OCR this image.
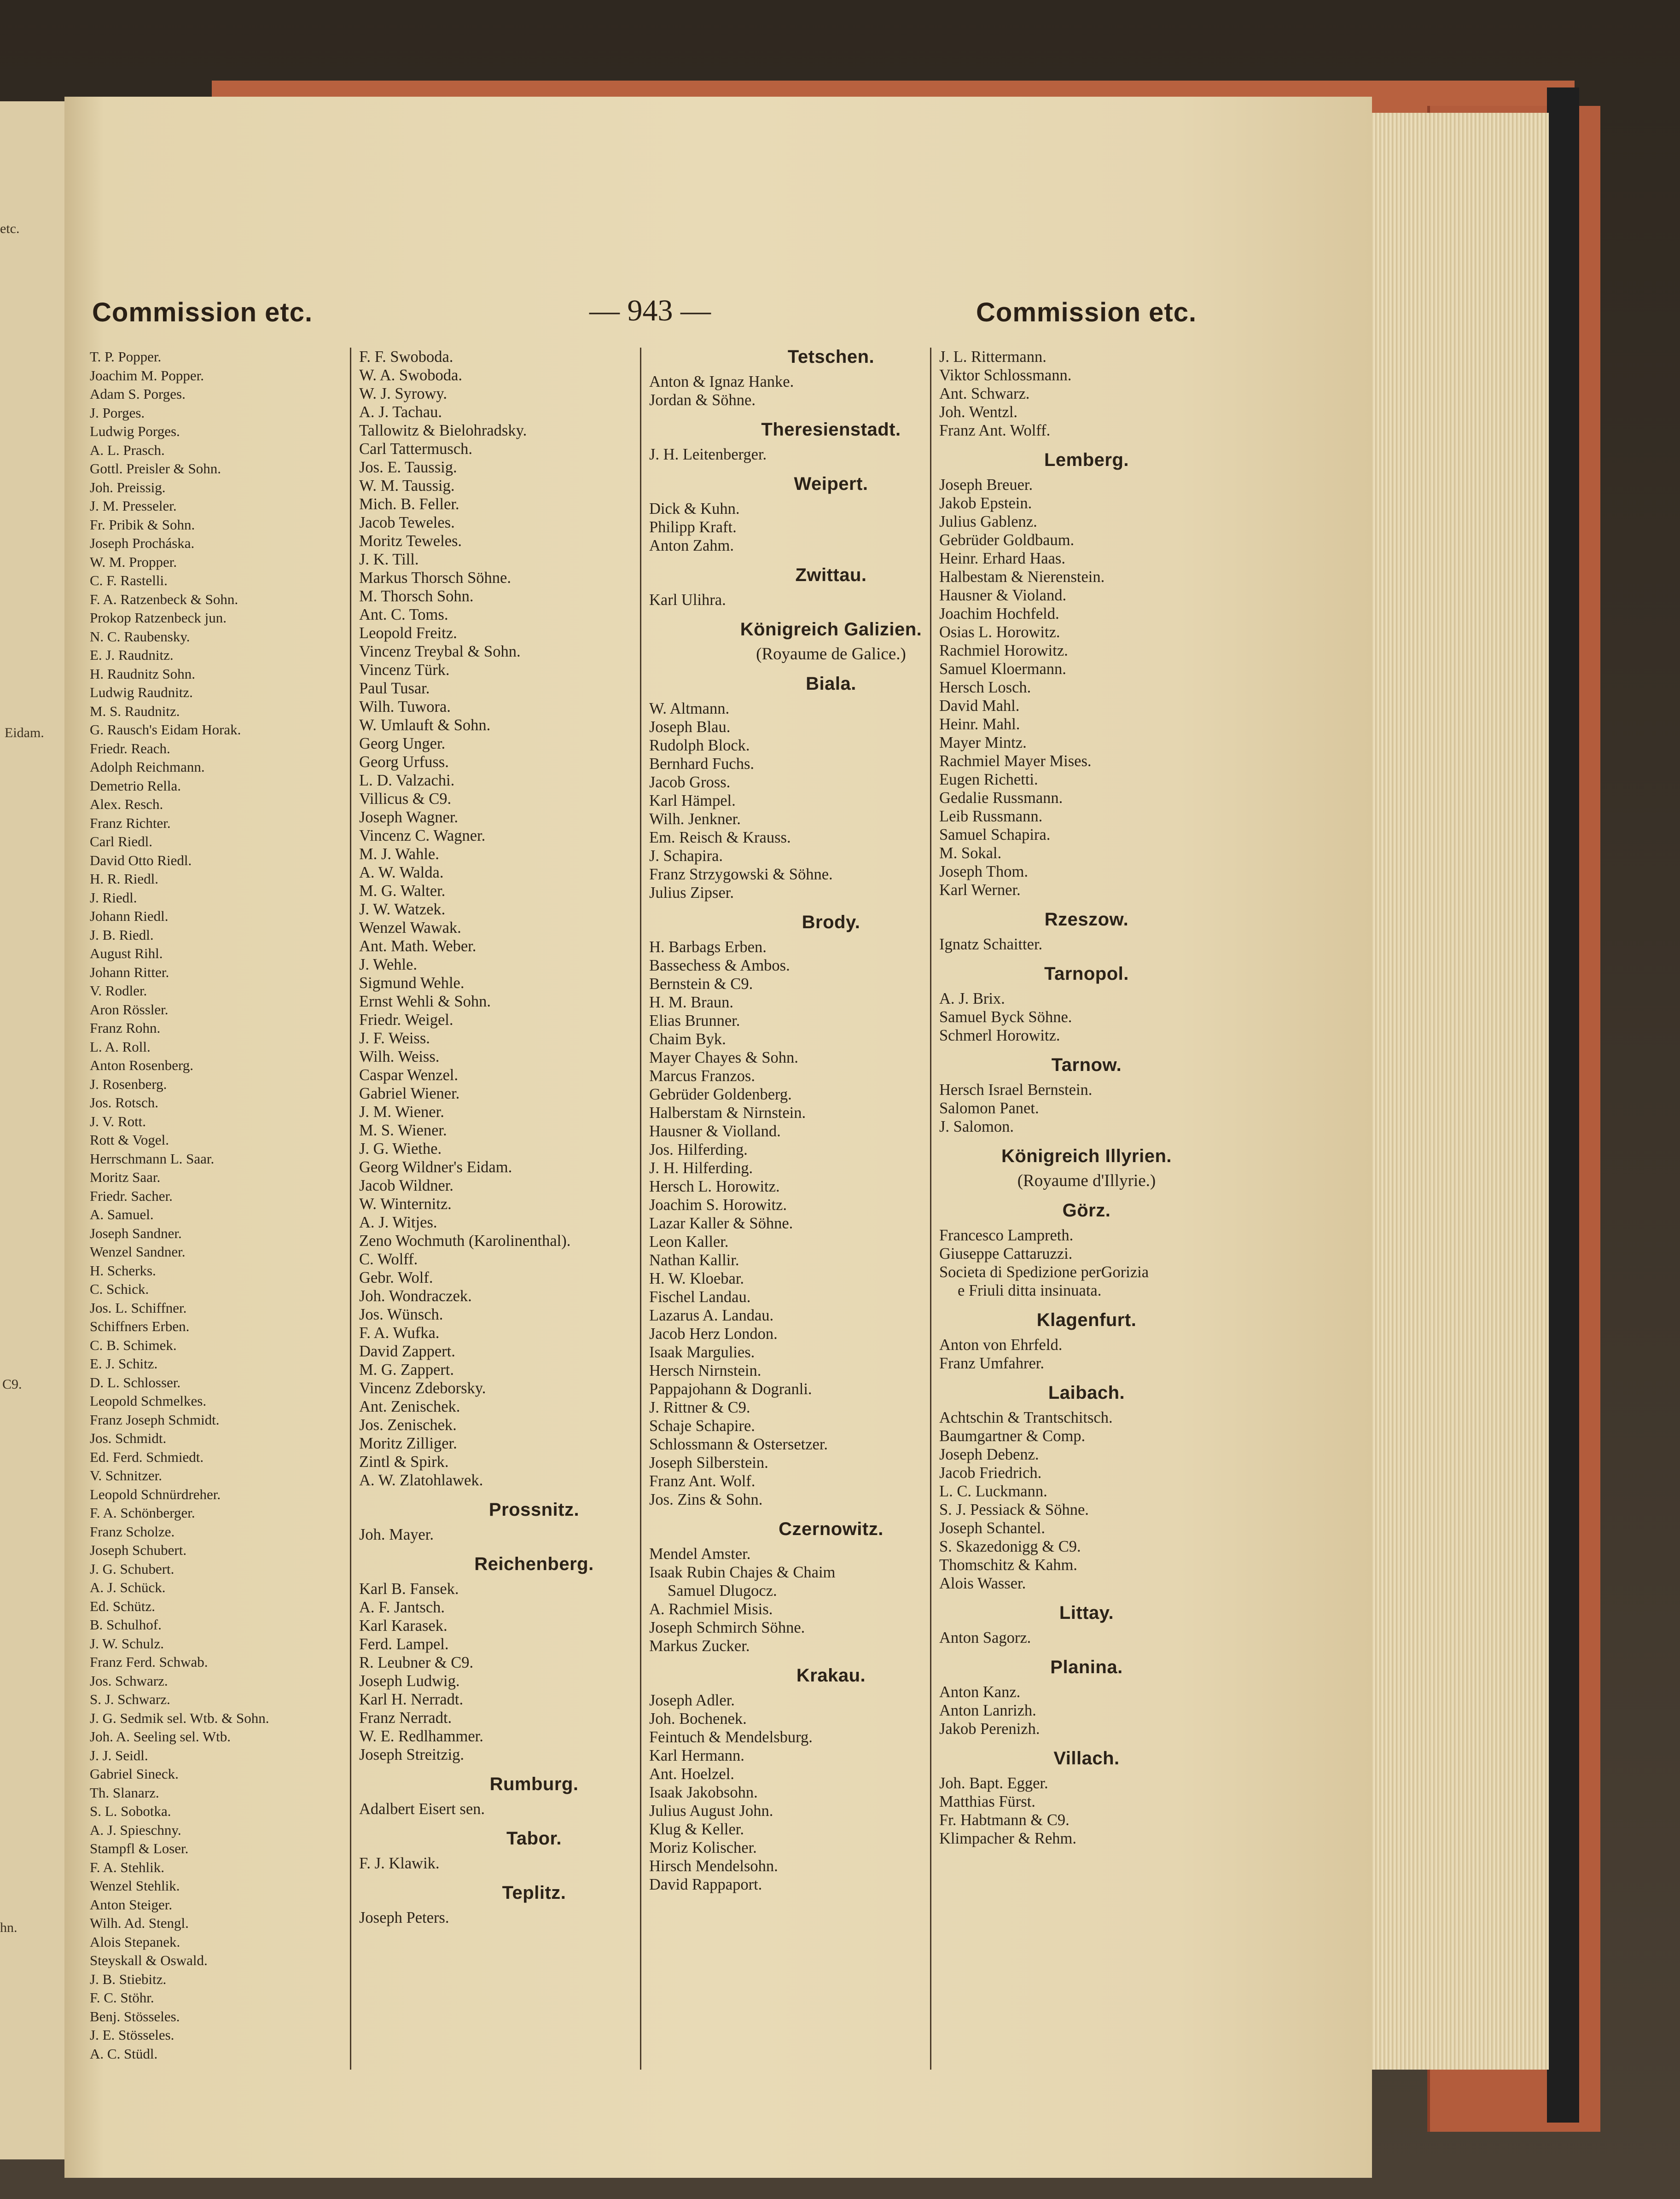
etc.
Eidam.
C9.
hn.
Commission etc.	— 943 —	Commission etc.
T. P. Popper.
Joachim M. Popper.
Adam S. Porges.
J. Porges.
Ludwig Porges.
A. L. Prasch.
Gottl. Preisler & Sohn.
Joh. Preissig.
J. M. Presseler.
Fr. Pribik & Sohn.
Joseph Procháska.
W. M. Propper.
C. F. Rastelli.
F. A. Ratzenbeck & Sohn.
Prokop Ratzenbeck jun.
N. C. Raubensky.
E. J. Raudnitz.
H. Raudnitz Sohn.
Ludwig Raudnitz.
M. S. Raudnitz.
G. Rausch's Eidam Horak.
Friedr. Reach.
Adolph Reichmann.
Demetrio Rella.
Alex. Resch.
Franz Richter.
Carl Riedl.
David Otto Riedl.
H. R. Riedl.
J. Riedl.
Johann Riedl.
J. B. Riedl.
August Rihl.
Johann Ritter.
V. Rodler.
Aron Rössler.
Franz Rohn.
L. A. Roll.
Anton Rosenberg.
J. Rosenberg.
Jos. Rotsch.
J. V. Rott.
Rott & Vogel.
Herrschmann L. Saar.
Moritz Saar.
Friedr. Sacher.
A. Samuel.
Joseph Sandner.
Wenzel Sandner.
H. Scherks.
C. Schick.
Jos. L. Schiffner.
Schiffners Erben.
C. B. Schimek.
E. J. Schitz.
D. L. Schlosser.
Leopold Schmelkes.
Franz Joseph Schmidt.
Jos. Schmidt.
Ed. Ferd. Schmiedt.
V. Schnitzer.
Leopold Schnürdreher.
F. A. Schönberger.
Franz Scholze.
Joseph Schubert.
J. G. Schubert.
A. J. Schück.
Ed. Schütz.
B. Schulhof.
J. W. Schulz.
Franz Ferd. Schwab.
Jos. Schwarz.
S. J. Schwarz.
J. G. Sedmik sel. Wtb. & Sohn.
Joh. A. Seeling sel. Wtb.
J. J. Seidl.
Gabriel Sineck.
Th. Slanarz.
S. L. Sobotka.
A. J. Spieschny.
Stampfl & Loser.
F. A. Stehlik.
Wenzel Stehlik.
Anton Steiger.
Wilh. Ad. Stengl.
Alois Stepanek.
Steyskall & Oswald.
J. B. Stiebitz.
F. C. Stöhr.
Benj. Stösseles.
J. E. Stösseles.
A. C. Stüdl.
F. F. Swoboda.
W. A. Swoboda.
W. J. Syrowy.
A. J. Tachau.
Tallowitz & Bielohradsky.
Carl Tattermusch.
Jos. E. Taussig.
W. M. Taussig.
Mich. B. Feller.
Jacob Teweles.
Moritz Teweles.
J. K. Till.
Markus Thorsch Söhne.
M. Thorsch Sohn.
Ant. C. Toms.
Leopold Freitz.
Vincenz Treybal & Sohn.
Vincenz Türk.
Paul Tusar.
Wilh. Tuwora.
W. Umlauft & Sohn.
Georg Unger.
Georg Urfuss.
L. D. Valzachi.
Villicus & C9.
Joseph Wagner.
Vincenz C. Wagner.
M. J. Wahle.
A. W. Walda.
M. G. Walter.
J. W. Watzek.
Wenzel Wawak.
Ant. Math. Weber.
J. Wehle.
Sigmund Wehle.
Ernst Wehli & Sohn.
Friedr. Weigel.
J. F. Weiss.
Wilh. Weiss.
Caspar Wenzel.
Gabriel Wiener.
J. M. Wiener.
M. S. Wiener.
J. G. Wiethe.
Georg Wildner's Eidam.
Jacob Wildner.
W. Winternitz.
A. J. Witjes.
Zeno Wochmuth (Karolinenthal).
C. Wolff.
Gebr. Wolf.
Joh. Wondraczek.
Jos. Wünsch.
F. A. Wufka.
David Zappert.
M. G. Zappert.
Vincenz Zdeborsky.
Ant. Zenischek.
Jos. Zenischek.
Moritz Zilliger.
Zintl & Spirk.
A. W. Zlatohlawek.
Prossnitz.
Joh. Mayer.
Reichenberg.
Karl B. Fansek.
A. F. Jantsch.
Karl Karasek.
Ferd. Lampel.
R. Leubner & C9.
Joseph Ludwig.
Karl H. Nerradt.
Franz Nerradt.
W. E. Redlhammer.
Joseph Streitzig.
Rumburg.
Adalbert Eisert sen.
Tabor.
F. J. Klawik.
Teplitz.
Joseph Peters.
Tetschen.
Anton & Ignaz Hanke.
Jordan & Söhne.
Theresienstadt.
J. H. Leitenberger.
Weipert.
Dick & Kuhn.
Philipp Kraft.
Anton Zahm.
Zwittau.
Karl Ulihra.
Königreich Galizien.
(Royaume de Galice.)
Biala.
W. Altmann.
Joseph Blau.
Rudolph Block.
Bernhard Fuchs.
Jacob Gross.
Karl Hämpel.
Wilh. Jenkner.
Em. Reisch & Krauss.
J. Schapira.
Franz Strzygowski & Söhne.
Julius Zipser.
Brody.
H. Barbags Erben.
Bassechess & Ambos.
Bernstein & C9.
H. M. Braun.
Elias Brunner.
Chaim Byk.
Mayer Chayes & Sohn.
Marcus Franzos.
Gebrüder Goldenberg.
Halberstam & Nirnstein.
Hausner & Violland.
Jos. Hilferding.
J. H. Hilferding.
Hersch L. Horowitz.
Joachim S. Horowitz.
Lazar Kaller & Söhne.
Leon Kaller.
Nathan Kallir.
H. W. Kloebar.
Fischel Landau.
Lazarus A. Landau.
Jacob Herz London.
Isaak Margulies.
Hersch Nirnstein.
Pappajohann & Dogranli.
J. Rittner & C9.
Schaje Schapire.
Schlossmann & Ostersetzer.
Joseph Silberstein.
Franz Ant. Wolf.
Jos. Zins & Sohn.
Czernowitz.
Mendel Amster.
Isaak Rubin Chajes & Chaim
Samuel Dlugocz.
A. Rachmiel Misis.
Joseph Schmirch Söhne.
Markus Zucker.
Krakau.
Joseph Adler.
Joh. Bochenek.
Feintuch & Mendelsburg.
Karl Hermann.
Ant. Hoelzel.
Isaak Jakobsohn.
Julius August John.
Klug & Keller.
Moriz Kolischer.
Hirsch Mendelsohn.
David Rappaport.
J. L. Rittermann.
Viktor Schlossmann.
Ant. Schwarz.
Joh. Wentzl.
Franz Ant. Wolff.
Lemberg.
Joseph Breuer.
Jakob Epstein.
Julius Gablenz.
Gebrüder Goldbaum.
Heinr. Erhard Haas.
Halbestam & Nierenstein.
Hausner & Violand.
Joachim Hochfeld.
Osias L. Horowitz.
Rachmiel Horowitz.
Samuel Kloermann.
Hersch Losch.
David Mahl.
Heinr. Mahl.
Mayer Mintz.
Rachmiel Mayer Mises.
Eugen Richetti.
Gedalie Russmann.
Leib Russmann.
Samuel Schapira.
M. Sokal.
Joseph Thom.
Karl Werner.
Rzeszow.
Ignatz Schaitter.
Tarnopol.
A. J. Brix.
Samuel Byck Söhne.
Schmerl Horowitz.
Tarnow.
Hersch Israel Bernstein.
Salomon Panet.
J. Salomon.
Königreich Illyrien.
(Royaume d'Illyrie.)
Görz.
Francesco Lampreth.
Giuseppe Cattaruzzi.
Societa di Spedizione perGorizia
e Friuli ditta insinuata.
Klagenfurt.
Anton von Ehrfeld.
Franz Umfahrer.
Laibach.
Achtschin & Trantschitsch.
Baumgartner & Comp.
Joseph Debenz.
Jacob Friedrich.
L. C. Luckmann.
S. J. Pessiack & Söhne.
Joseph Schantel.
S. Skazedonigg & C9.
Thomschitz & Kahm.
Alois Wasser.
Littay.
Anton Sagorz.
Planina.
Anton Kanz.
Anton Lanrizh.
Jakob Perenizh.
Villach.
Joh. Bapt. Egger.
Matthias Fürst.
Fr. Habtmann & C9.
Klimpacher & Rehm.
